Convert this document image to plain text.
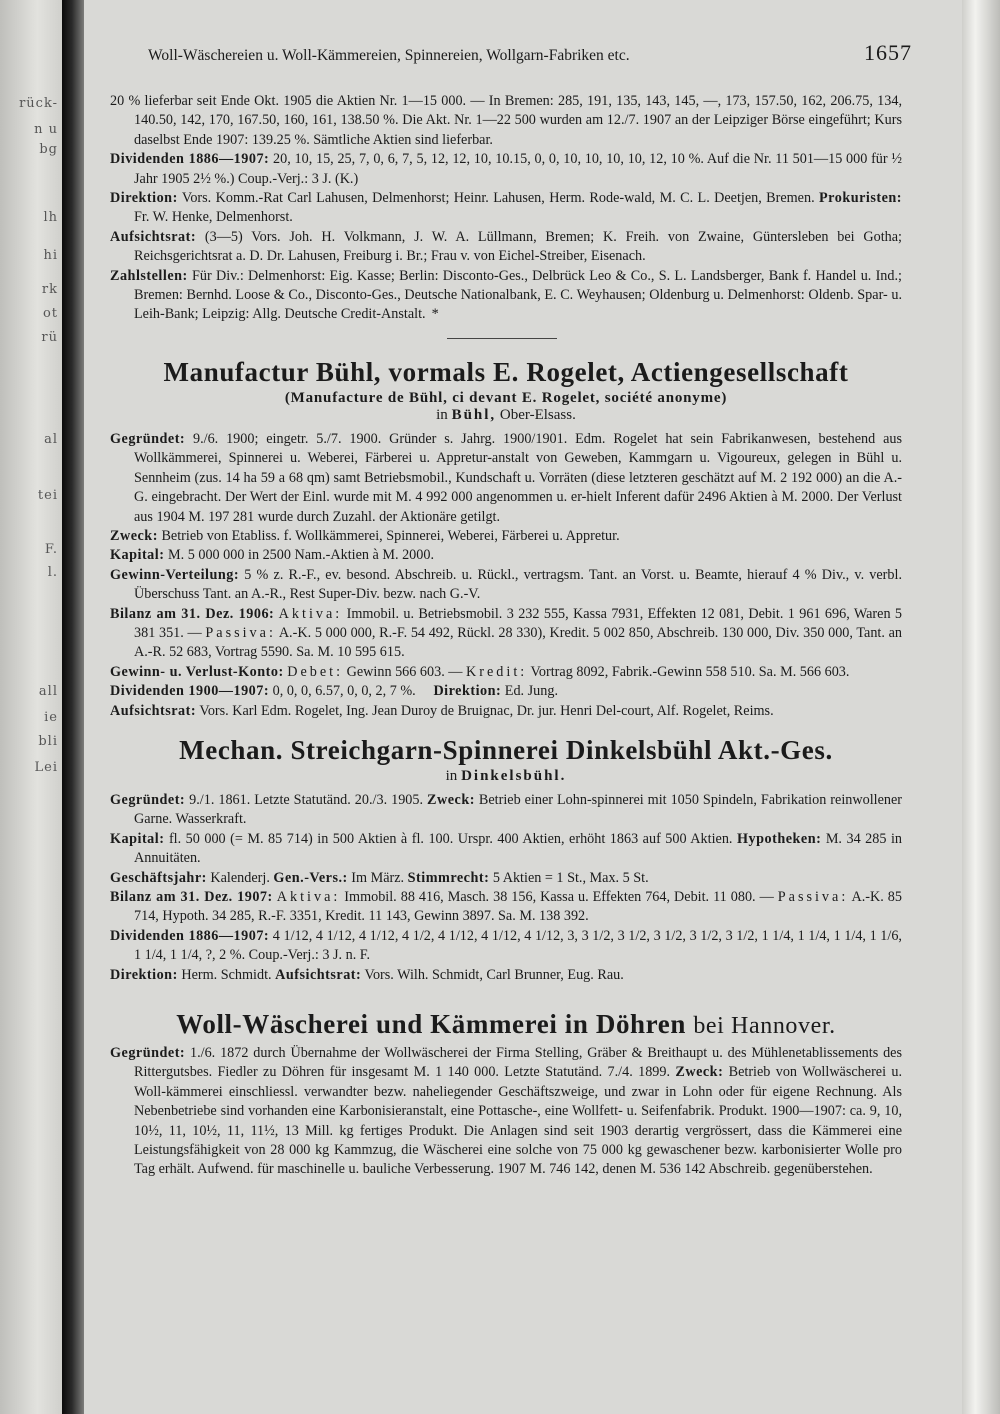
rück-
n u
bg
lh
hi
rk
ot
rü
al
tei
F.
l.
all
ie
bli
Lei
Woll-Wäschereien u. Woll-Kämmereien, Spinnereien, Wollgarn-Fabriken etc.	1657

20 % lieferbar seit Ende Okt. 1905 die Aktien Nr. 1—15 000. — In Bremen: 285, 191, 135, 143, 145, —, 173, 157.50, 162, 206.75, 134, 140.50, 142, 170, 167.50, 160, 161, 138.50 %. Die Akt. Nr. 1—22 500 wurden am 12./7. 1907 an der Leipziger Börse eingeführt; Kurs daselbst Ende 1907: 139.25 %. Sämtliche Aktien sind lieferbar.

Dividenden 1886—1907: 20, 10, 15, 25, 7, 0, 6, 7, 5, 12, 12, 10, 10.15, 0, 0, 10, 10, 10, 10, 12, 10 %. Auf die Nr. 11 501—15 000 für ½ Jahr 1905 2½ %.) Coup.-Verj.: 3 J. (K.)

Direktion: Vors. Komm.-Rat Carl Lahusen, Delmenhorst; Heinr. Lahusen, Herm. Rode-wald, M. C. L. Deetjen, Bremen. Prokuristen: Fr. W. Henke, Delmenhorst.

Aufsichtsrat: (3—5) Vors. Joh. H. Volkmann, J. W. A. Lüllmann, Bremen; K. Freih. von Zwaine, Güntersleben bei Gotha; Reichsgerichtsrat a. D. Dr. Lahusen, Freiburg i. Br.; Frau v. von Eichel-Streiber, Eisenach.

Zahlstellen: Für Div.: Delmenhorst: Eig. Kasse; Berlin: Disconto-Ges., Delbrück Leo & Co., S. L. Landsberger, Bank f. Handel u. Ind.; Bremen: Bernhd. Loose & Co., Disconto-Ges., Deutsche Nationalbank, E. C. Weyhausen; Oldenburg u. Delmenhorst: Oldenb. Spar- u. Leih-Bank; Leipzig: Allg. Deutsche Credit-Anstalt. *

Manufactur Bühl, vormals E. Rogelet, Actiengesellschaft
(Manufacture de Bühl, ci devant E. Rogelet, société anonyme)
in Bühl, Ober-Elsass.

Gegründet: 9./6. 1900; eingetr. 5./7. 1900. Gründer s. Jahrg. 1900/1901. Edm. Rogelet hat sein Fabrikanwesen, bestehend aus Wollkämmerei, Spinnerei u. Weberei, Färberei u. Appretur-anstalt von Geweben, Kammgarn u. Vigoureux, gelegen in Bühl u. Sennheim (zus. 14 ha 59 a 68 qm) samt Betriebsmobil., Kundschaft u. Vorräten (diese letzteren geschätzt auf M. 2 192 000) an die A.-G. eingebracht. Der Wert der Einl. wurde mit M. 4 992 000 angenommen u. er-hielt Inferent dafür 2496 Aktien à M. 2000. Der Verlust aus 1904 M. 197 281 wurde durch Zuzahl. der Aktionäre getilgt.

Zweck: Betrieb von Etabliss. f. Wollkämmerei, Spinnerei, Weberei, Färberei u. Appretur.

Kapital: M. 5 000 000 in 2500 Nam.-Aktien à M. 2000.

Gewinn-Verteilung: 5 % z. R.-F., ev. besond. Abschreib. u. Rückl., vertragsm. Tant. an Vorst. u. Beamte, hierauf 4 % Div., v. verbl. Überschuss Tant. an A.-R., Rest Super-Div. bezw. nach G.-V.

Bilanz am 31. Dez. 1906: Aktiva: Immobil. u. Betriebsmobil. 3 232 555, Kassa 7931, Effekten 12 081, Debit. 1 961 696, Waren 5 381 351. — Passiva: A.-K. 5 000 000, R.-F. 54 492, Rückl. 28 330), Kredit. 5 002 850, Abschreib. 130 000, Div. 350 000, Tant. an A.-R. 52 683, Vortrag 5590. Sa. M. 10 595 615.

Gewinn- u. Verlust-Konto: Debet: Gewinn 566 603. — Kredit: Vortrag 8092, Fabrik.-Gewinn 558 510. Sa. M. 566 603.

Dividenden 1900—1907: 0, 0, 0, 6.57, 0, 0, 2, 7 %. Direktion: Ed. Jung.

Aufsichtsrat: Vors. Karl Edm. Rogelet, Ing. Jean Duroy de Bruignac, Dr. jur. Henri Del-court, Alf. Rogelet, Reims.

Mechan. Streichgarn-Spinnerei Dinkelsbühl Akt.-Ges.
in Dinkelsbühl.

Gegründet: 9./1. 1861. Letzte Statutänd. 20./3. 1905. Zweck: Betrieb einer Lohn-spinnerei mit 1050 Spindeln, Fabrikation reinwollener Garne. Wasserkraft.

Kapital: fl. 50 000 (= M. 85 714) in 500 Aktien à fl. 100. Urspr. 400 Aktien, erhöht 1863 auf 500 Aktien. Hypotheken: M. 34 285 in Annuitäten.

Geschäftsjahr: Kalenderj. Gen.-Vers.: Im März. Stimmrecht: 5 Aktien = 1 St., Max. 5 St.

Bilanz am 31. Dez. 1907: Aktiva: Immobil. 88 416, Masch. 38 156, Kassa u. Effekten 764, Debit. 11 080. — Passiva: A.-K. 85 714, Hypoth. 34 285, R.-F. 3351, Kredit. 11 143, Gewinn 3897. Sa. M. 138 392.

Dividenden 1886—1907: 4 1/12, 4 1/12, 4 1/12, 4 1/2, 4 1/12, 4 1/12, 4 1/12, 3, 3 1/2, 3 1/2, 3 1/2, 3 1/2, 3 1/2, 1 1/4, 1 1/4, 1 1/4, 1 1/6, 1 1/4, 1 1/4, ?, 2 %. Coup.-Verj.: 3 J. n. F.

Direktion: Herm. Schmidt. Aufsichtsrat: Vors. Wilh. Schmidt, Carl Brunner, Eug. Rau.

Woll-Wäscherei und Kämmerei in Döhren bei Hannover.

Gegründet: 1./6. 1872 durch Übernahme der Wollwäscherei der Firma Stelling, Gräber & Breithaupt u. des Mühlenetablissements des Rittergutsbes. Fiedler zu Döhren für insgesamt M. 1 140 000. Letzte Statutänd. 7./4. 1899. Zweck: Betrieb von Wollwäscherei u. Woll-kämmerei einschliessl. verwandter bezw. naheliegender Geschäftszweige, und zwar in Lohn oder für eigene Rechnung. Als Nebenbetriebe sind vorhanden eine Karbonisieranstalt, eine Pottasche-, eine Wollfett- u. Seifenfabrik. Produkt. 1900—1907: ca. 9, 10, 10½, 11, 10½, 11, 11½, 13 Mill. kg fertiges Produkt. Die Anlagen sind seit 1903 derartig vergrössert, dass die Kämmerei eine Leistungsfähigkeit von 28 000 kg Kammzug, die Wäscherei eine solche von 75 000 kg gewaschener bezw. karbonisierter Wolle pro Tag erhält. Aufwend. für maschinelle u. bauliche Verbesserung. 1907 M. 746 142, denen M. 536 142 Abschreib. gegenüberstehen.
